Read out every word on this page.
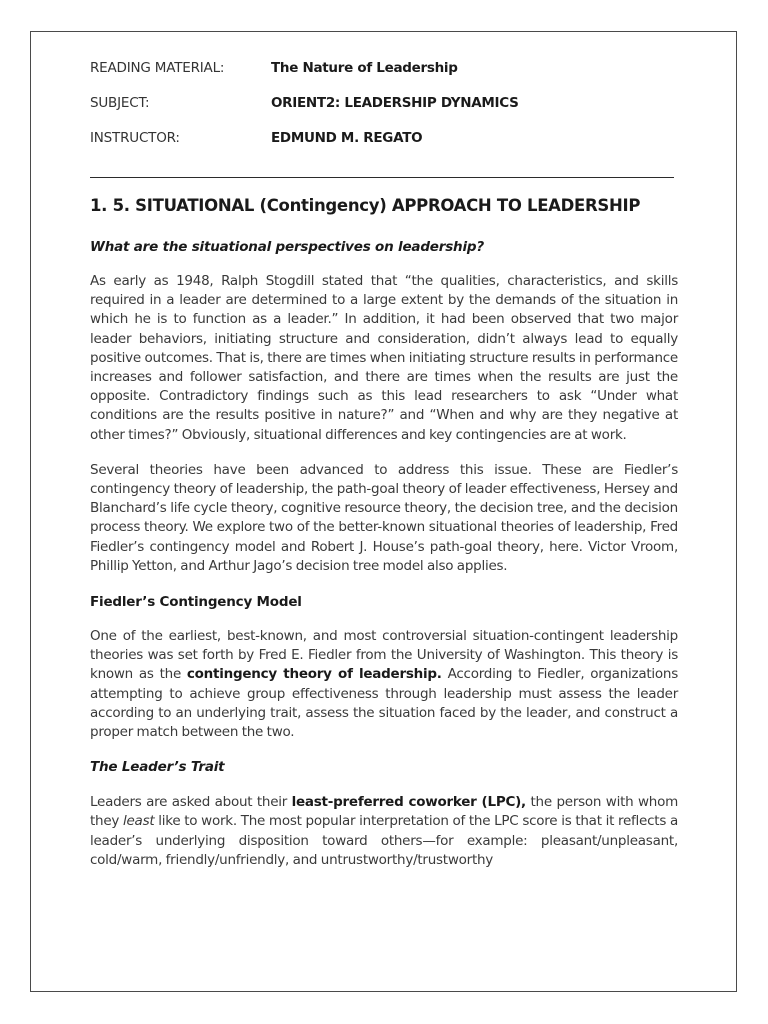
READING MATERIAL:	The Nature of Leadership
SUBJECT:	ORIENT2: LEADERSHIP DYNAMICS
INSTRUCTOR:	EDMUND M. REGATO
1. 5. SITUATIONAL (Contingency) APPROACH TO LEADERSHIP
What are the situational perspectives on leadership?

As early as 1948, Ralph Stogdill stated that “the qualities, characteristics, and skills required in a leader are determined to a large extent by the demands of the situation in which he is to function as a leader.” In addition, it had been observed that two major leader behaviors, initiating structure and consideration, didn’t always lead to equally positive outcomes. That is, there are times when initiating structure results in performance increases and follower satisfaction, and there are times when the results are just the opposite. Contradictory findings such as this lead researchers to ask “Under what conditions are the results positive in nature?” and “When and why are they negative at other times?” Obviously, situational differences and key contingencies are at work.

Several theories have been advanced to address this issue. These are Fiedler’s contingency theory of leadership, the path-goal theory of leader effectiveness, Hersey and Blanchard’s life cycle theory, cognitive resource theory, the decision tree, and the decision process theory. We explore two of the better-known situational theories of leadership, Fred Fiedler’s contingency model and Robert J. House’s path-goal theory, here. Victor Vroom, Phillip Yetton, and Arthur Jago’s decision tree model also applies.

Fiedler’s Contingency Model

One of the earliest, best-known, and most controversial situation-contingent leadership theories was set forth by Fred E. Fiedler from the University of Washington. This theory is known as the contingency theory of leadership. According to Fiedler, organizations attempting to achieve group effectiveness through leadership must assess the leader according to an underlying trait, assess the situation faced by the leader, and construct a proper match between the two.

The Leader’s Trait

Leaders are asked about their least-preferred coworker (LPC), the person with whom they least like to work. The most popular interpretation of the LPC score is that it reflects a leader’s underlying disposition toward others—for example: pleasant/unpleasant, cold/warm, friendly/unfriendly, and untrustworthy/trustworthy
